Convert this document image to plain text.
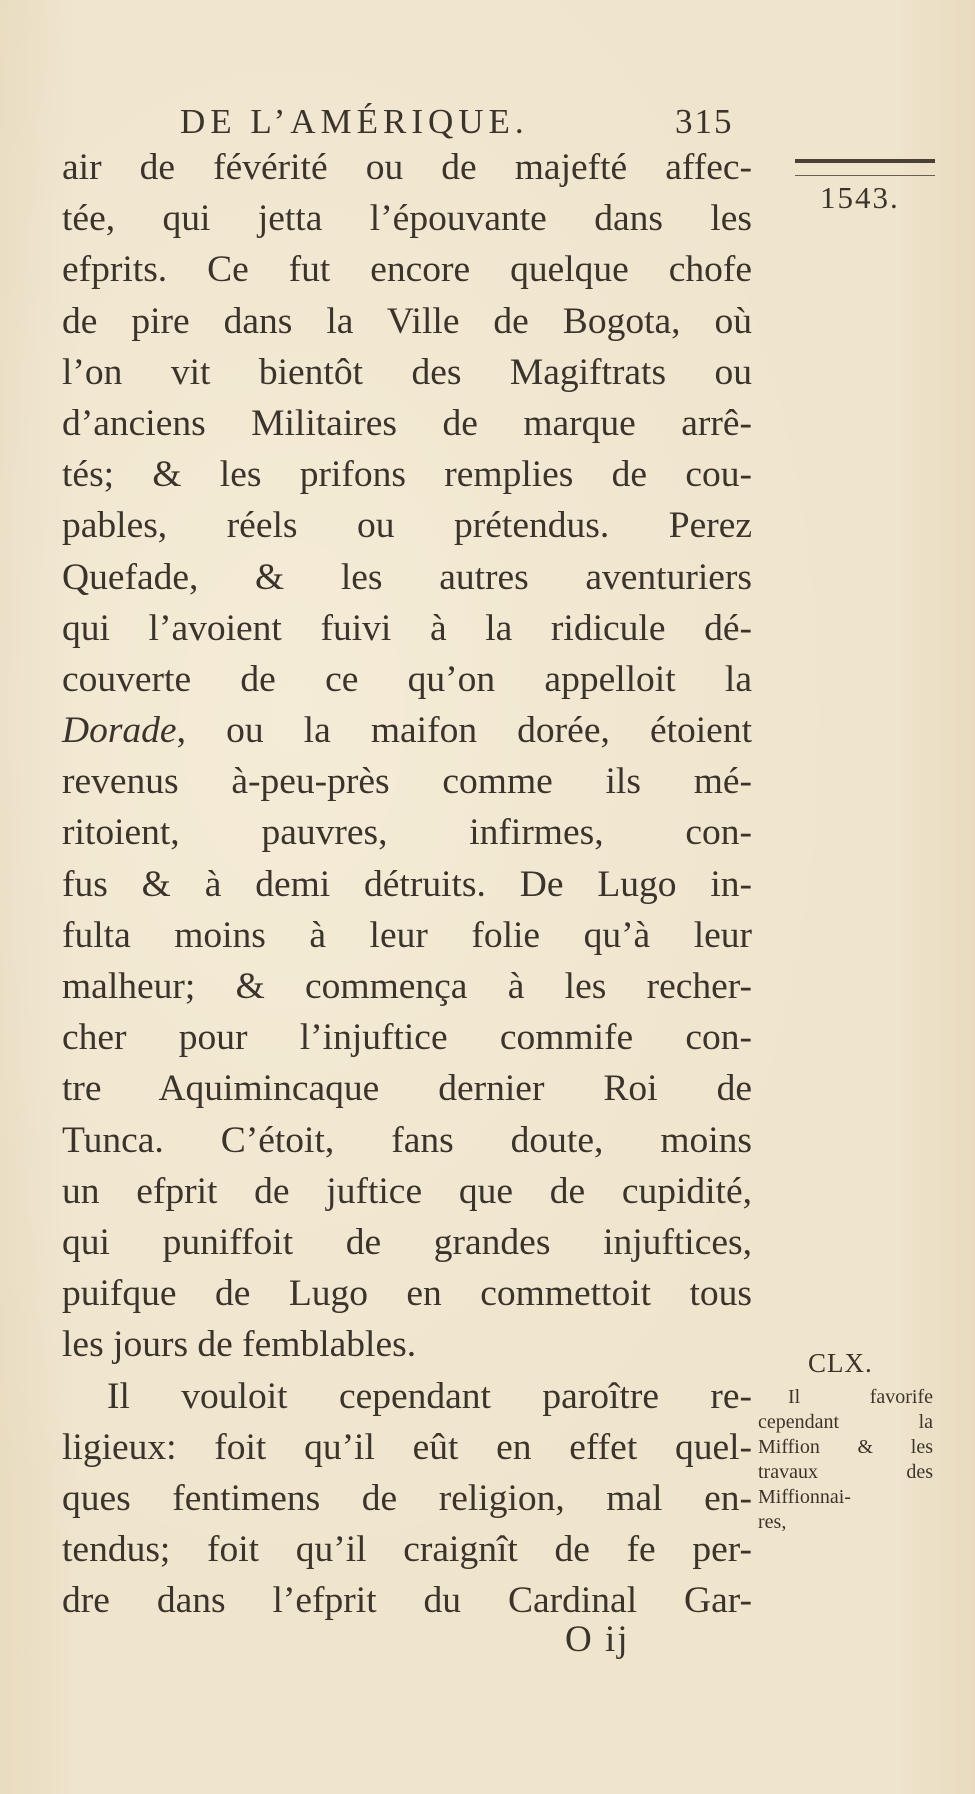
DE L’AMÉRIQUE.	315
1543.
air de févérité ou de majefté affec-
tée, qui jetta l’épouvante dans les
efprits. Ce fut encore quelque chofe
de pire dans la Ville de Bogota, où
l’on vit bientôt des Magiftrats ou
d’anciens Militaires de marque arrê-
tés; & les prifons remplies de cou-
pables, réels ou prétendus. Perez
Quefade, & les autres aventuriers
qui l’avoient fuivi à la ridicule dé-
couverte de ce qu’on appelloit la
Dorade, ou la maifon dorée, étoient
revenus à-peu-près comme ils mé-
ritoient, pauvres, infirmes, con-
fus & à demi détruits. De Lugo in-
fulta moins à leur folie qu’à leur
malheur; & commença à les recher-
cher pour l’injuftice commife con-
tre Aquimincaque dernier Roi de
Tunca. C’étoit, fans doute, moins
un efprit de juftice que de cupidité,
qui puniffoit de grandes injuftices,
puifque de Lugo en commettoit tous
les jours de femblables.
Il vouloit cependant paroître re-
ligieux: foit qu’il eût en effet quel-
ques fentimens de religion, mal en-
tendus; foit qu’il craignît de fe per-
dre dans l’efprit du Cardinal Gar-
CLX.
Il favorife
cependant la
Miffion & les
travaux des
Miffionnai-
res,
O ij
